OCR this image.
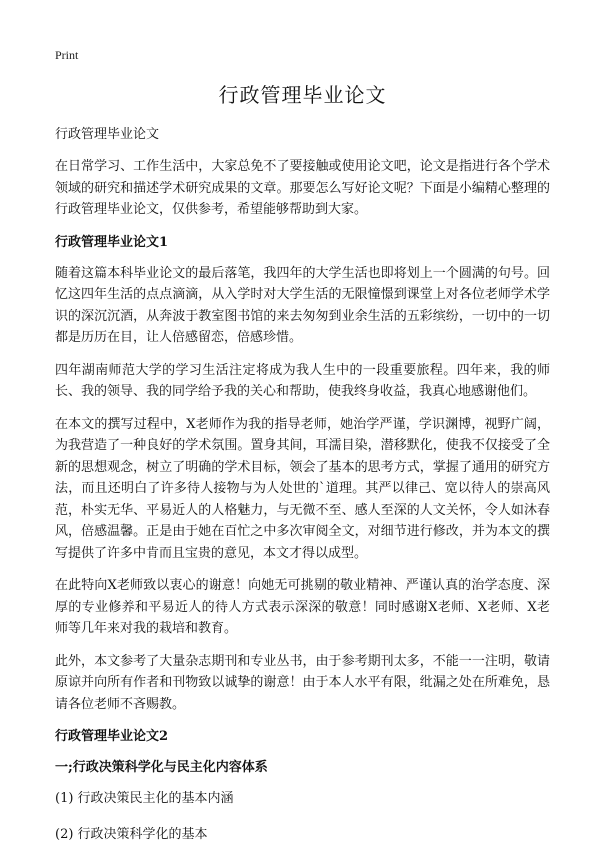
Print
行政管理毕业论文
行政管理毕业论文

在日常学习、工作生活中，大家总免不了要接触或使用论文吧，论文是指进行各个学术领域的研究和描述学术研究成果的文章。那要怎么写好论文呢？下面是小编精心整理的行政管理毕业论文，仅供参考，希望能够帮助到大家。

行政管理毕业论文1

随着这篇本科毕业论文的最后落笔，我四年的大学生活也即将划上一个圆满的句号。回忆这四年生活的点点滴滴，从入学时对大学生活的无限憧憬到课堂上对各位老师学术学识的深沉沉酒，从奔波于教室图书馆的来去匆匆到业余生活的五彩缤纷，一切中的一切都是历历在目，让人倍感留恋，倍感珍惜。

四年湖南师范大学的学习生活注定将成为我人生中的一段重要旅程。四年来，我的师长、我的领导、我的同学给予我的关心和帮助，使我终身收益，我真心地感谢他们。

在本文的撰写过程中，X老师作为我的指导老师，她治学严谨，学识渊博，视野广阔，为我营造了一种良好的学术氛围。置身其间，耳濡目染，潜移默化，使我不仅接受了全新的思想观念，树立了明确的学术目标，领会了基本的思考方式，掌握了通用的研究方法，而且还明白了许多待人接物与为人处世的`道理。其严以律己、宽以待人的崇高风范，朴实无华、平易近人的人格魅力，与无微不至、感人至深的人文关怀，令人如沐春风，倍感温馨。正是由于她在百忙之中多次审阅全文，对细节进行修改，并为本文的撰写提供了许多中肯而且宝贵的意见，本文才得以成型。

在此特向X老师致以衷心的谢意！向她无可挑剔的敬业精神、严谨认真的治学态度、深厚的专业修养和平易近人的待人方式表示深深的敬意！同时感谢X老师、X老师、X老师等几年来对我的栽培和教育。

此外，本文参考了大量杂志期刊和专业丛书，由于参考期刊太多，不能一一注明，敬请原谅并向所有作者和刊物致以诚挚的谢意！由于本人水平有限，纰漏之处在所难免，恳请各位老师不吝赐教。

行政管理毕业论文2
一;行政决策科学化与民主化内容体系
(1) 行政决策民主化的基本内涵
(2) 行政决策科学化的基本
